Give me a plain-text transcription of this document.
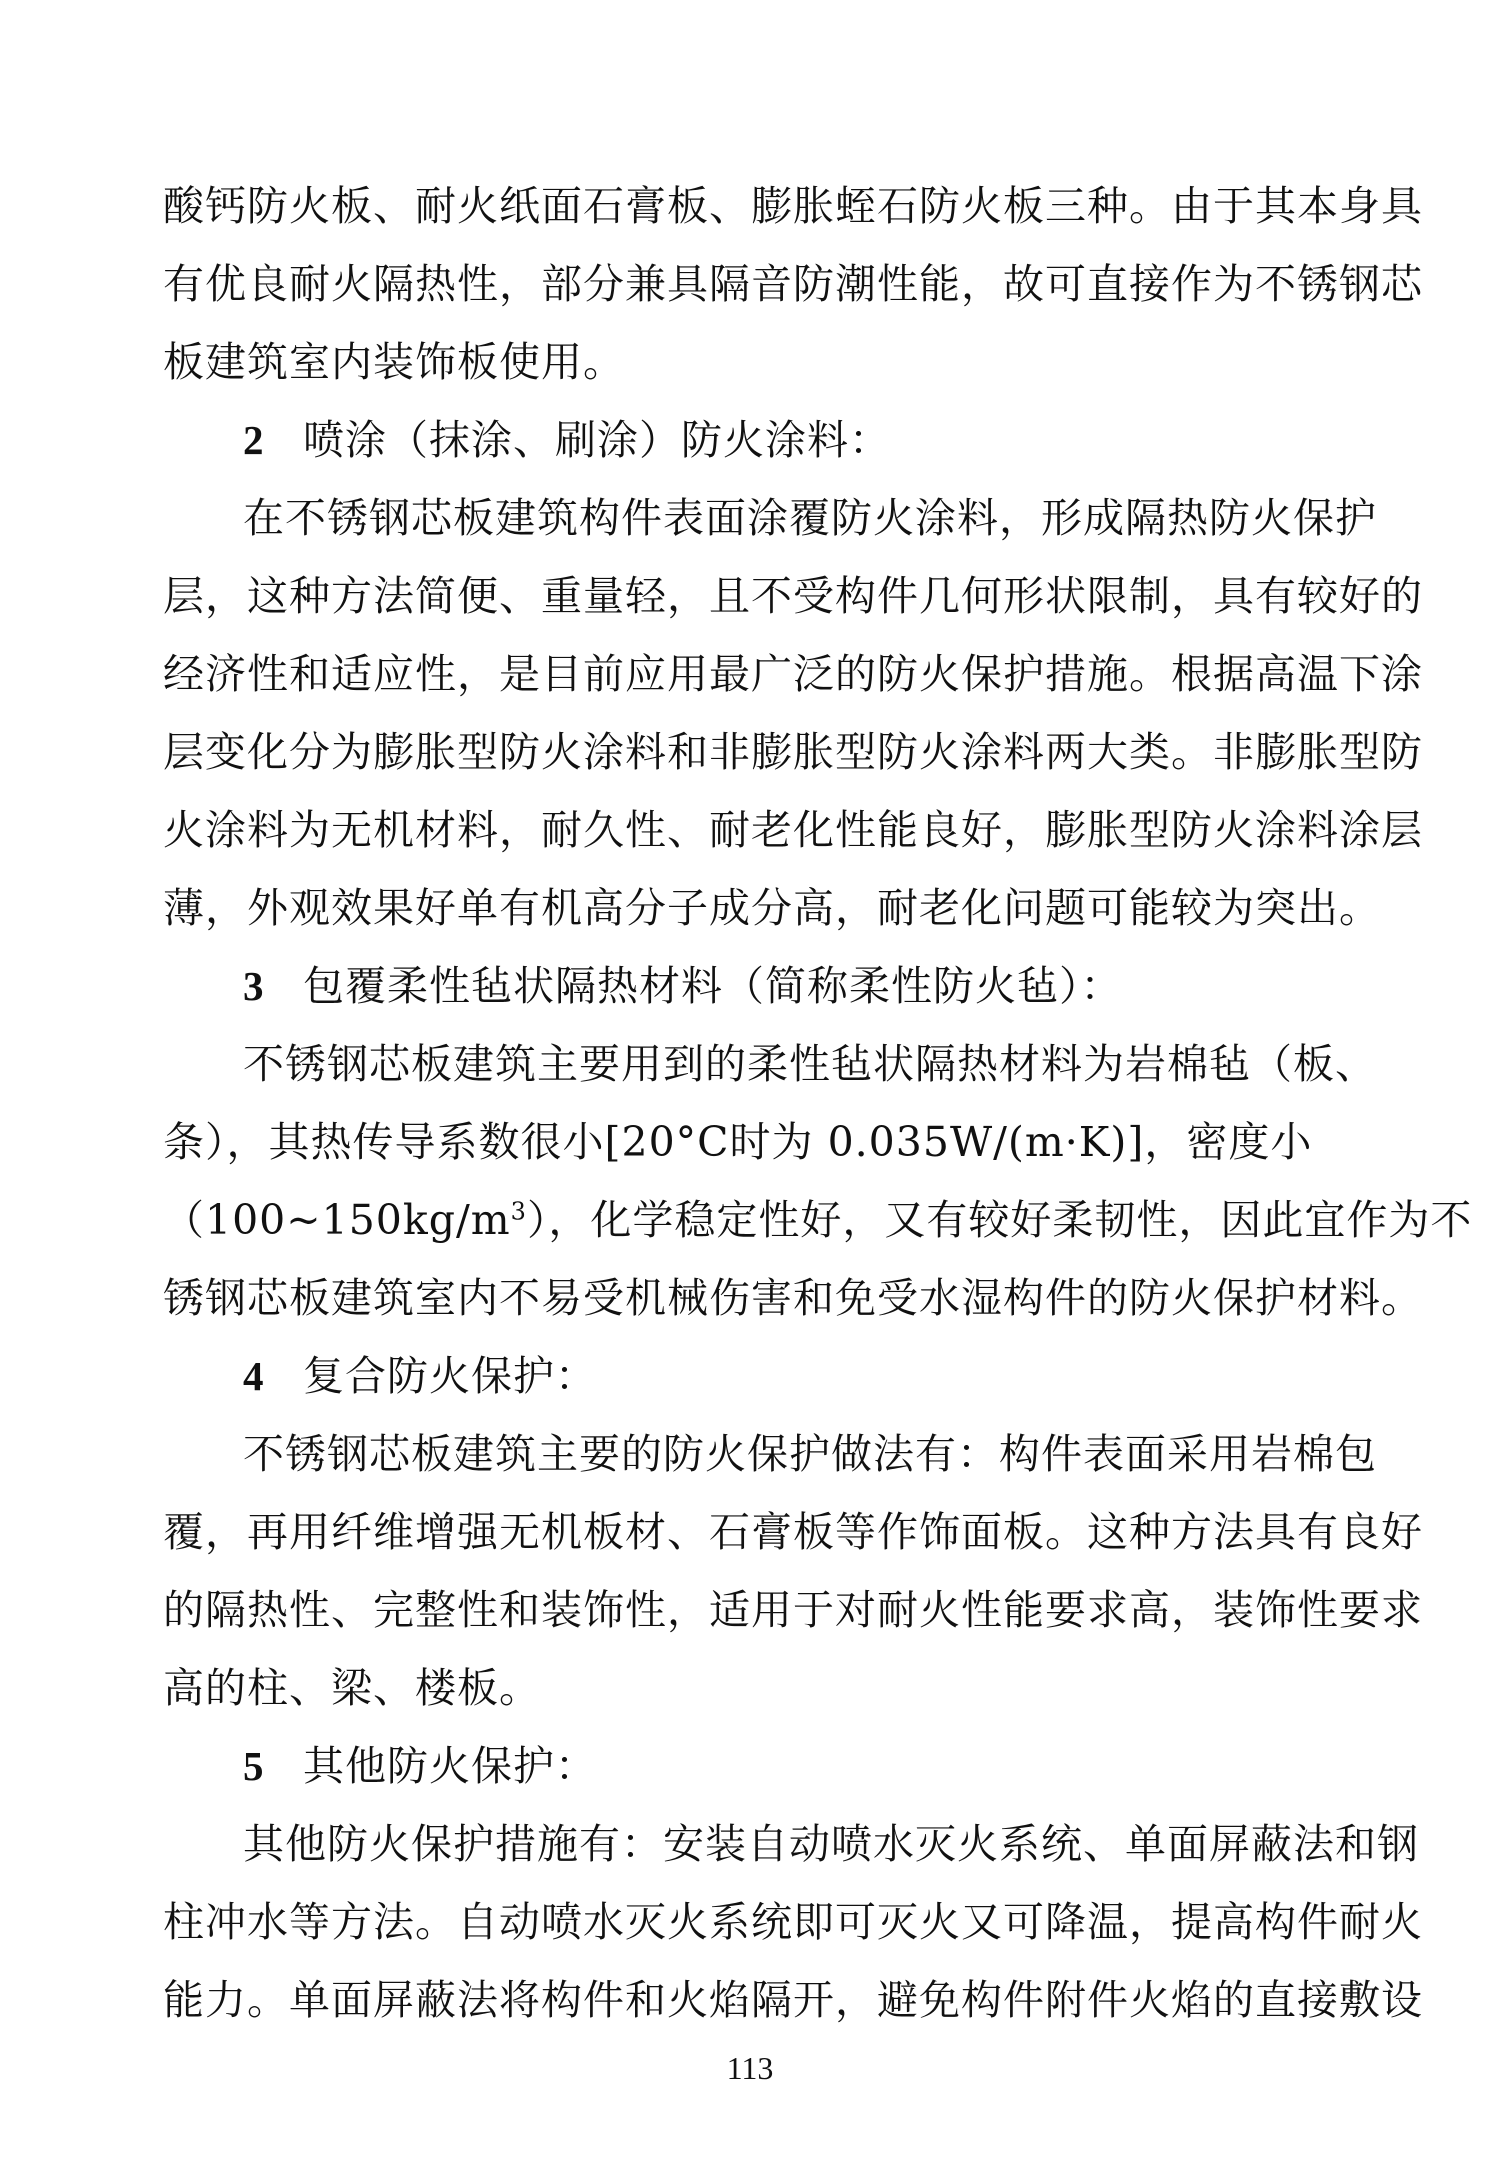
酸钙防火板、耐火纸面石膏板、膨胀蛭石防火板三种。由于其本身具
有优良耐火隔热性，部分兼具隔音防潮性能，故可直接作为不锈钢芯
板建筑室内装饰板使用。
2 喷涂（抹涂、刷涂）防火涂料：
在不锈钢芯板建筑构件表面涂覆防火涂料，形成隔热防火保护
层，这种方法简便、重量轻，且不受构件几何形状限制，具有较好的
经济性和适应性，是目前应用最广泛的防火保护措施。根据高温下涂
层变化分为膨胀型防火涂料和非膨胀型防火涂料两大类。非膨胀型防
火涂料为无机材料，耐久性、耐老化性能良好，膨胀型防火涂料涂层
薄，外观效果好单有机高分子成分高，耐老化问题可能较为突出。
3 包覆柔性毡状隔热材料（简称柔性防火毡）：
不锈钢芯板建筑主要用到的柔性毡状隔热材料为岩棉毡（板、
条），其热传导系数很小[20°C时为 0.035W/(m·K)]，密度小
$(100\sim 150kg/m^3)$，化学稳定性好，又有较好柔韧性，因此宜作为不
锈钢芯板建筑室内不易受机械伤害和免受水湿构件的防火保护材料。
4 复合防火保护：
不锈钢芯板建筑主要的防火保护做法有：构件表面采用岩棉包
覆，再用纤维增强无机板材、石膏板等作饰面板。这种方法具有良好
的隔热性、完整性和装饰性，适用于对耐火性能要求高，装饰性要求
高的柱、梁、楼板。
5 其他防火保护：
其他防火保护措施有：安装自动喷水灭火系统、单面屏蔽法和钢
柱冲水等方法。自动喷水灭火系统即可灭火又可降温，提高构件耐火
能力。单面屏蔽法将构件和火焰隔开，避免构件附件火焰的直接敷设
113
